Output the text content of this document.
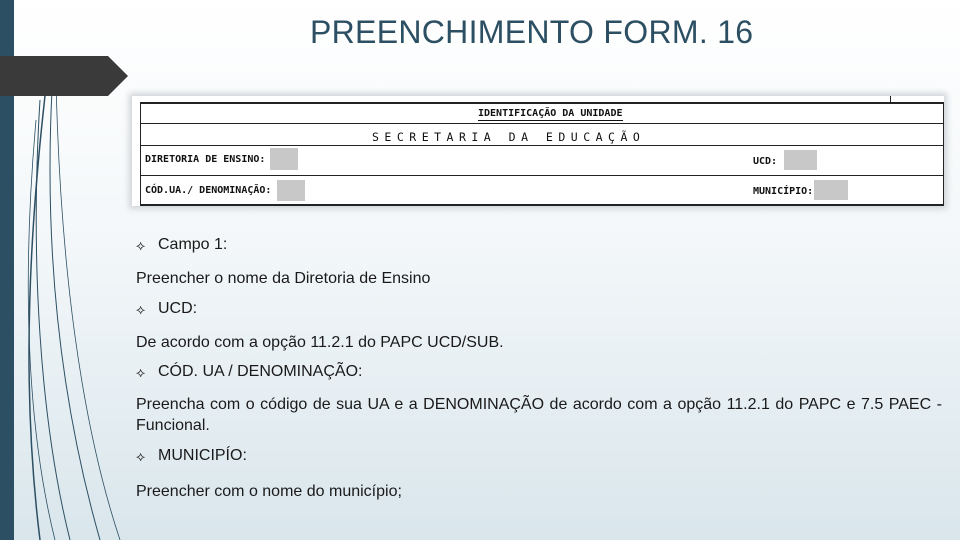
PREENCHIMENTO FORM. 16
IDENTIFICAÇÃO DA UNIDADE
SECRETARIA DA EDUCAÇÃO
DIRETORIA DE ENSINO:	UCD:
CÓD.UA./ DENOMINAÇÃO:	MUNICÍPIO:
⟡ Campo 1:
Preencher o nome da Diretoria de Ensino
⟡ UCD:
De acordo com a opção 11.2.1 do PAPC UCD/SUB.
⟡ CÓD. UA / DENOMINAÇÃO:
Preencha com o código de sua UA e a DENOMINAÇÃO de acordo com a opção 11.2.1 do PAPC e 7.5 PAEC - Funcional.
⟡ MUNICIPÍO:
Preencher com o nome do município;
